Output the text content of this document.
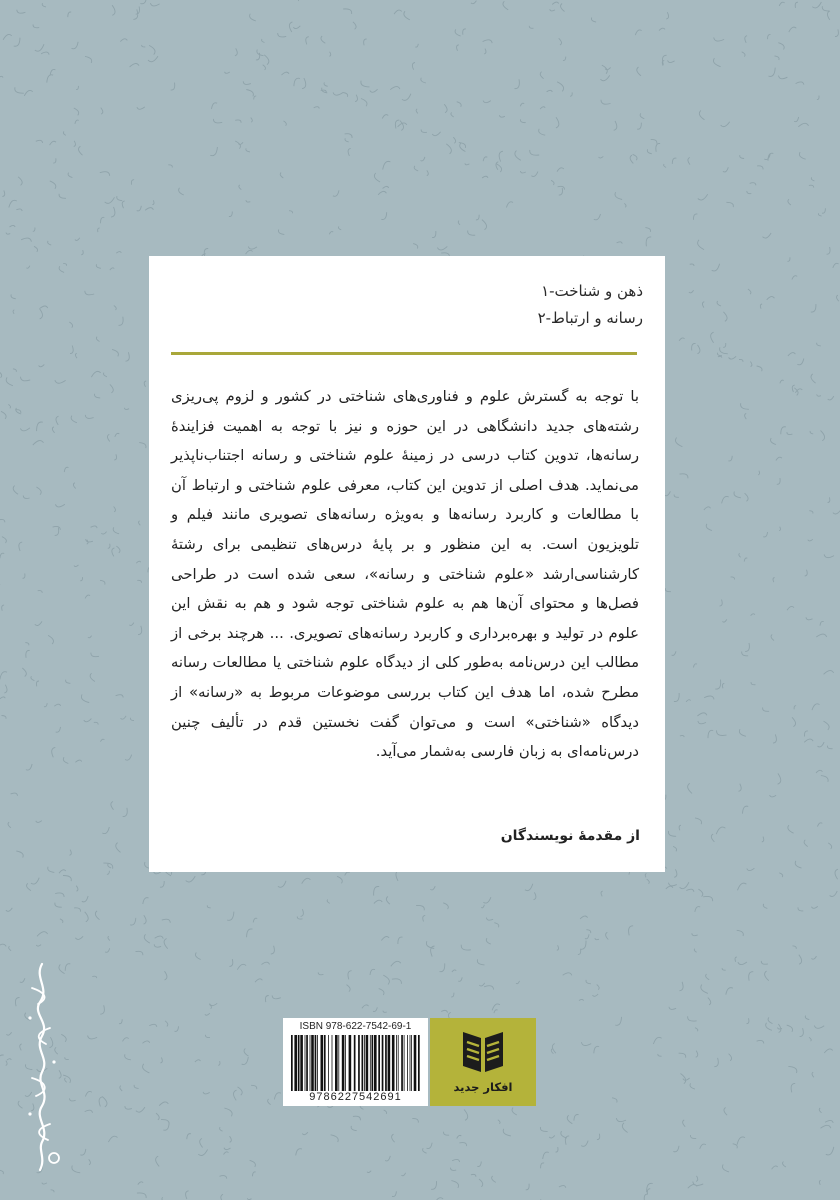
ذهن و شناخت-۱
رسانه و ارتباط-۲
با توجه به گسترش علوم و فناوری‌های شناختی در کشور و لزوم پی‌ریزی رشته‌های جدید دانشگاهی در این حوزه و نیز با توجه به اهمیت فزایندهٔ رسانه‌ها، تدوین کتاب درسی در زمینهٔ علوم شناختی و رسانه اجتناب‌ناپذیر می‌نماید. هدف اصلی از تدوین این کتاب، معرفی علوم شناختی و ارتباط آن با مطالعات و کاربرد رسانه‌ها و به‌ویژه رسانه‌های تصویری مانند فیلم و تلویزیون است. به این منظور و بر پایهٔ درس‌های تنظیمی برای رشتهٔ کارشناسی‌ارشد «علوم شناختی و رسانه»، سعی شده است در طراحی فصل‌ها و محتوای آن‌ها هم به علوم شناختی توجه شود و هم به نقش این علوم در تولید و بهره‌برداری و کاربرد رسانه‌های تصویری. ... هرچند برخی از مطالب این درس‌نامه به‌طور کلی از دیدگاه علوم شناختی یا مطالعات رسانه مطرح شده، اما هدف این کتاب بررسی موضوعات مربوط به «رسانه» از دیدگاه «شناختی» است و می‌توان گفت نخستین قدم در تألیف چنین درس‌نامه‌ای به زبان فارسی به‌شمار می‌آید.
از مقدمهٔ نویسندگان
ISBN 978-622-7542-69-1
9786227542691
افکار جدید
